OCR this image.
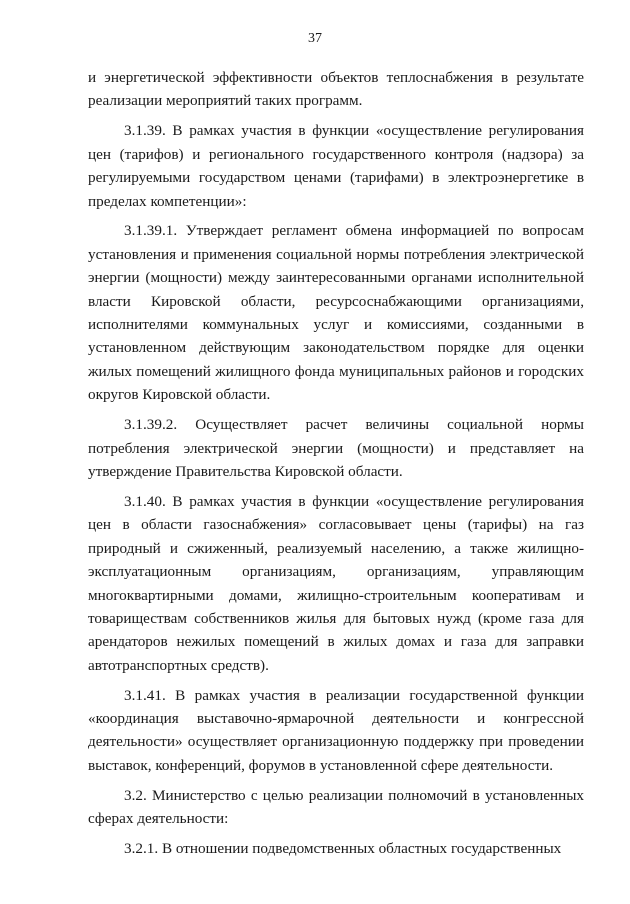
37

и энергетической эффективности объектов теплоснабжения в результате реализации мероприятий таких программ.

3.1.39. В рамках участия в функции «осуществление регулирования цен (тарифов) и регионального государственного контроля (надзора) за регулируемыми государством ценами (тарифами) в электроэнергетике в пределах компетенции»:

3.1.39.1. Утверждает регламент обмена информацией по вопросам установления и применения социальной нормы потребления электрической энергии (мощности) между заинтересованными органами исполнительной власти Кировской области, ресурсоснабжающими организациями, исполнителями коммунальных услуг и комиссиями, созданными в установленном действующим законодательством порядке для оценки жилых помещений жилищного фонда муниципальных районов и городских округов Кировской области.

3.1.39.2. Осуществляет расчет величины социальной нормы потребления электрической энергии (мощности) и представляет на утверждение Правительства Кировской области.

3.1.40. В рамках участия в функции «осуществление регулирования цен в области газоснабжения» согласовывает цены (тарифы) на газ природный и сжиженный, реализуемый населению, а также жилищно-эксплуатационным организациям, организациям, управляющим многоквартирными домами, жилищно-строительным кооперативам и товариществам собственников жилья для бытовых нужд (кроме газа для арендаторов нежилых помещений в жилых домах и газа для заправки автотранспортных средств).

3.1.41. В рамках участия в реализации государственной функции «координация выставочно-ярмарочной деятельности и конгрессной деятельности» осуществляет организационную поддержку при проведении выставок, конференций, форумов в установленной сфере деятельности.

3.2. Министерство с целью реализации полномочий в установленных сферах деятельности:

3.2.1. В отношении подведомственных областных государственных
